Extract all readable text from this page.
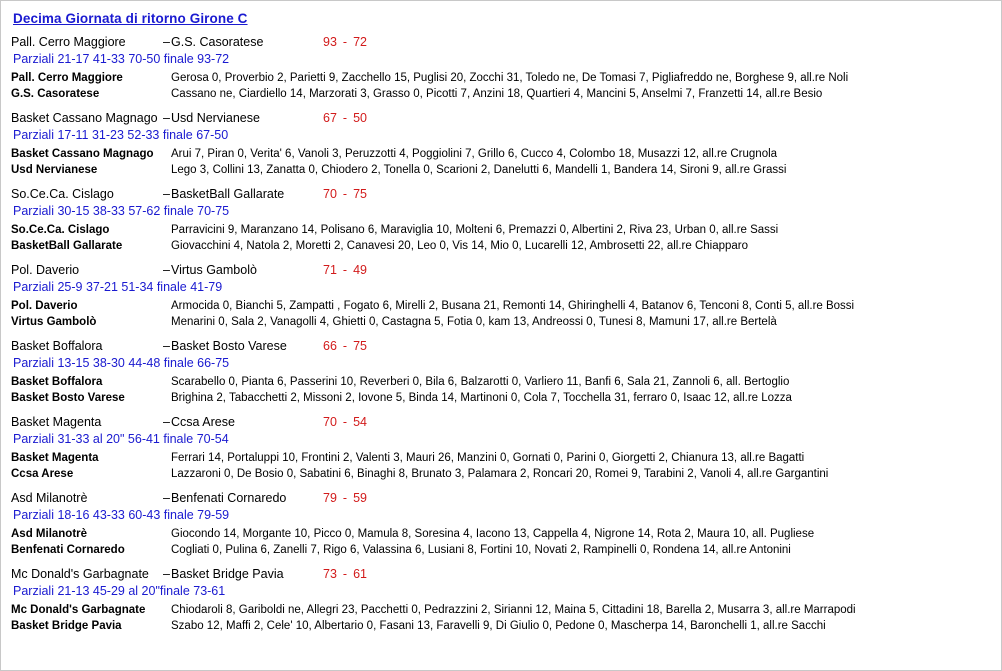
Decima Giornata di ritorno Girone C
Pall. Cerro Maggiore	– G.S. Casoratese	93 - 72
Parziali 21-17 41-33 70-50 finale 93-72
Pall. Cerro Maggiore	Gerosa 0, Proverbio 2, Parietti 9, Zacchello 15, Puglisi 20, Zocchi 31, Toledo ne, De Tomasi 7, Pigliafreddo ne, Borghese 9, all.re Noli
G.S. Casoratese	Cassano ne, Ciardiello 14, Marzorati 3, Grasso 0, Picotti 7, Anzini 18, Quartieri 4, Mancini 5, Anselmi 7, Franzetti 14, all.re Besio
Basket Cassano Magnago – Usd Nervianese	67 - 50
Parziali 17-11 31-23 52-33 finale 67-50
Basket Cassano Magnago	Arui 7, Piran 0, Verita' 6, Vanoli 3, Peruzzotti 4, Poggiolini 7, Grillo 6, Cucco 4, Colombo 18, Musazzi 12, all.re Crugnola
Usd Nervianese	Lego 3, Collini 13, Zanatta 0, Chiodero 2, Tonella 0, Scarioni 2, Danelutti 6, Mandelli 1, Bandera 14, Sironi 9, all.re Grassi
So.Ce.Ca. Cislago	– BasketBall Gallarate	70 - 75
Parziali 30-15 38-33 57-62 finale 70-75
So.Ce.Ca. Cislago	Parravicini 9, Maranzano 14, Polisano 6, Maraviglia 10, Molteni 6, Premazzi 0, Albertini 2, Riva 23, Urban 0, all.re Sassi
BasketBall Gallarate	Giovacchini 4, Natola 2, Moretti 2, Canavesi 20, Leo 0, Vis 14, Mio 0, Lucarelli 12, Ambrosetti 22, all.re Chiapparo
Pol. Daverio	– Virtus Gambolò	71 - 49
Parziali 25-9 37-21 51-34 finale 41-79
Pol. Daverio	Armocida 0, Bianchi 5, Zampatti , Fogato 6, Mirelli 2, Busana 21, Remonti 14, Ghiringhelli 4, Batanov 6, Tenconi 8, Conti 5, all.re Bossi
Virtus Gambolò	Menarini 0, Sala 2, Vanagolli 4, Ghietti 0, Castagna 5, Fotia 0, kam 13, Andreossi 0, Tunesi 8, Mamuni 17, all.re Bertelà
Basket Boffalora	– Basket Bosto Varese	66 - 75
Parziali 13-15 38-30 44-48 finale 66-75
Basket Boffalora	Scarabello 0, Pianta 6, Passerini 10, Reverberi 0, Bila 6, Balzarotti 0, Varliero 11, Banfi 6, Sala 21, Zannoli 6, all. Bertoglio
Basket Bosto Varese	Brighina 2, Tabacchetti 2, Missoni 2, Iovone 5, Binda 14, Martinoni 0, Cola 7, Tocchella 31, ferraro 0, Isaac 12, all.re Lozza
Basket Magenta	– Ccsa Arese	70 - 54
Parziali 31-33 al 20" 56-41 finale 70-54
Basket Magenta	Ferrari 14, Portaluppi 10, Frontini 2, Valenti 3, Mauri 26, Manzini 0, Gornati 0, Parini 0, Giorgetti 2, Chianura 13, all.re Bagatti
Ccsa Arese	Lazzaroni 0, De Bosio 0, Sabatini 6, Binaghi 8, Brunato 3, Palamara 2, Roncari 20, Romei 9, Tarabini 2, Vanoli 4, all.re Gargantini
Asd Milanotrè	– Benfenati Cornaredo	79 - 59
Parziali 18-16 43-33 60-43 finale 79-59
Asd Milanotrè	Giocondo 14, Morgante 10, Picco 0, Mamula 8, Soresina 4, Iacono 13, Cappella 4, Nigrone 14, Rota 2, Maura 10, all. Pugliese
Benfenati Cornaredo	Cogliati 0, Pulina 6, Zanelli 7, Rigo 6, Valassina 6, Lusiani 8, Fortini 10, Novati 2, Rampinelli 0, Rondena 14, all.re Antonini
Mc Donald's Garbagnate	– Basket Bridge Pavia	73 - 61
Parziali 21-13 45-29 al 20"finale 73-61
Mc Donald's Garbagnate	Chiodaroli 8, Gariboldi ne, Allegri 23, Pacchetti 0, Pedrazzini 2, Sirianni 12, Maina 5, Cittadini 18, Barella 2, Musarra 3, all.re Marrapodi
Basket Bridge Pavia	Szabo 12, Maffi 2, Cele' 10, Albertario 0, Fasani 13, Faravelli 9, Di Giulio 0, Pedone 0, Mascherpa 14, Baronchelli 1, all.re Sacchi
